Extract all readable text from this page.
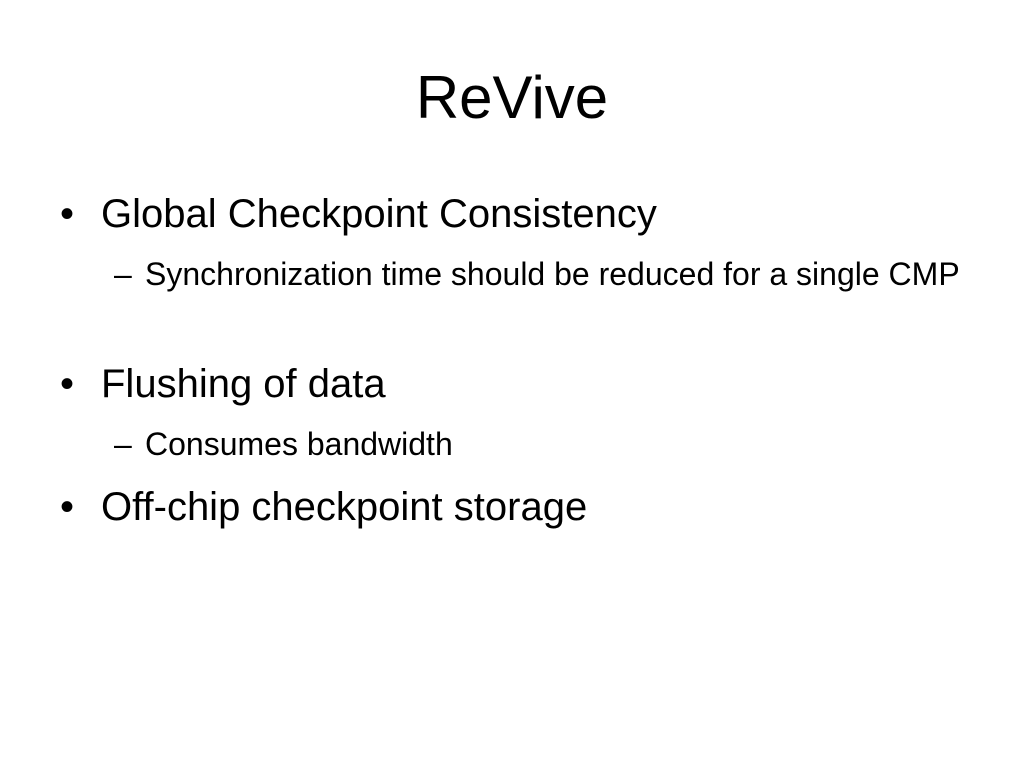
ReVive
• Global Checkpoint Consistency
– Synchronization time should be reduced for a single CMP
• Flushing of data
– Consumes bandwidth
• Off-chip checkpoint storage
